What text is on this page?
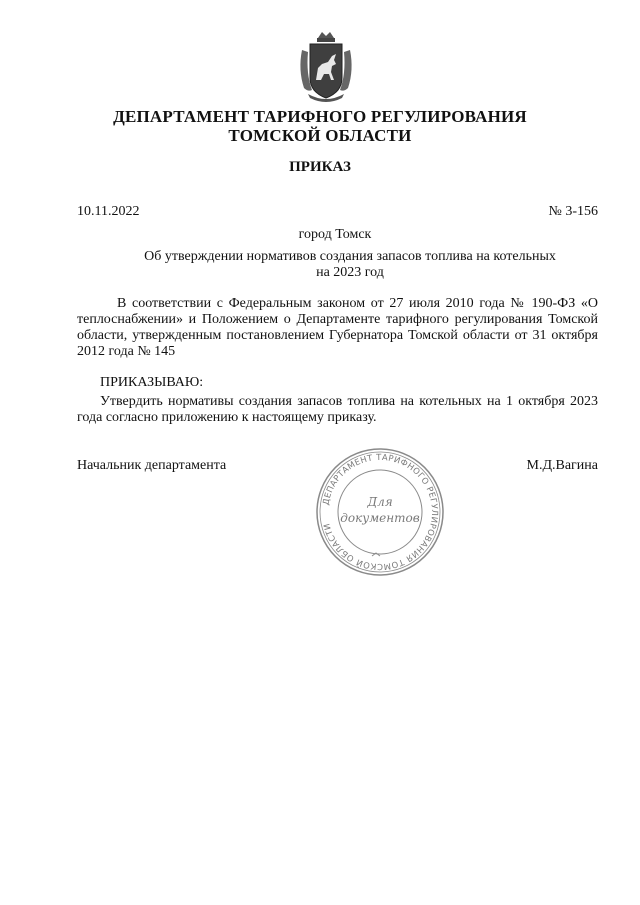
ДЕПАРТАМЕНТ ТАРИФНОГО РЕГУЛИРОВАНИЯ
ТОМСКОЙ ОБЛАСТИ
ПРИКАЗ
10.11.2022	№ 3-156
город Томск
Об утверждении нормативов создания запасов топлива на котельных на 2023 год
В соответствии с Федеральным законом от 27 июля 2010 года № 190-ФЗ «О теплоснабжении» и Положением о Департаменте тарифного регулирования Томской области, утвержденным постановлением Губернатора Томской области от 31 октября 2012 года № 145
ПРИКАЗЫВАЮ:
Утвердить нормативы создания запасов топлива на котельных на 1 октября 2023 года согласно приложению к настоящему приказу.
Начальник департамента	М.Д.Вагина
ДЕПАРТАМЕНТ ТАРИФНОГО РЕГУЛИРОВАНИЯ ТОМСКОЙ ОБЛАСТИ
Для
документов
